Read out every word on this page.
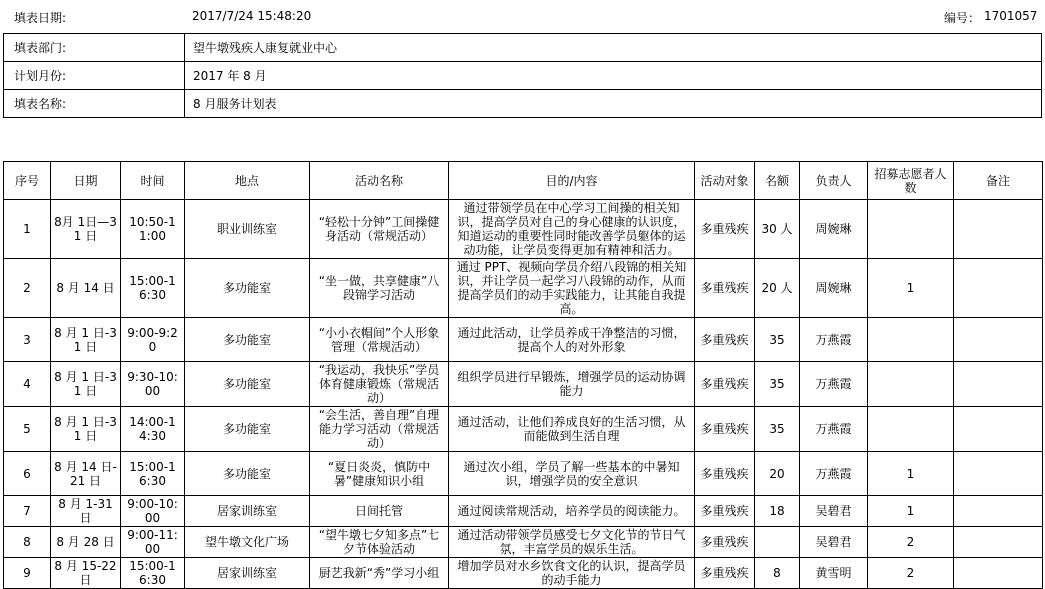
填表日期:	2017/7/24 15:48:20	编号： 1701057
填表部门:	望牛墩残疾人康复就业中心
计划月份:	2017 年 8 月
填表名称:	8 月服务计划表
序号	日期	时间	地点	活动名称	目的/内容	活动对象	名额	负责人	招募志愿者人数	备注
1	8月 1日—31 日	10:50-11:00	职业训练室	“轻松十分钟”工间操健身活动（常规活动）	通过带领学员在中心学习工间操的相关知识，提高学员对自己的身心健康的认识度，知道运动的重要性同时能改善学员躯体的运动功能，让学员变得更加有精神和活力。	多重残疾	30 人	周婉琳		
2	8 月 14 日	15:00-16:30	多功能室	“坐一做，共享健康”八段锦学习活动	通过 PPT、视频向学员介绍八段锦的相关知识，并让学员一起学习八段锦的动作，从而提高学员们的动手实践能力，让其能自我提高。	多重残疾	20 人	周婉琳	1	
3	8 月 1 日-31 日	9:00-9:20	多功能室	“小小衣帽间”个人形象管理（常规活动）	通过此活动，让学员养成干净整洁的习惯，提高个人的对外形象	多重残疾	35	万燕霞		
4	8 月 1 日-31 日	9:30-10:00	多功能室	“我运动，我快乐”学员体育健康锻炼（常规活动）	组织学员进行早锻炼，增强学员的运动协调能力	多重残疾	35	万燕霞		
5	8 月 1 日-31 日	14:00-14:30	多功能室	“会生活，善自理”自理能力学习活动（常规活动）	通过活动，让他们养成良好的生活习惯，从而能做到生活自理	多重残疾	35	万燕霞		
6	8 月 14 日-21 日	15:00-16:30	多功能室	“夏日炎炎，慎防中暑”健康知识小组	通过次小组，学员了解一些基本的中暑知识，增强学员的安全意识	多重残疾	20	万燕霞	1	
7	8 月 1-31 日	9:00-10:00	居家训练室	日间托管	通过阅读常规活动，培养学员的阅读能力。	多重残疾	18	吴碧君	1	
8	8 月 28 日	9:00-11:00	望牛墩文化广场	“望牛墩七夕知多点”七夕节体验活动	通过活动带领学员感受七夕文化节的节日气氛，丰富学员的娱乐生活。	多重残疾		吴碧君	2	
9	8 月 15-22 日	15:00-16:30	居家训练室	厨艺我新“秀”学习小组	增加学员对水乡饮食文化的认识，提高学员的动手能力	多重残疾	8	黄雪明	2	
